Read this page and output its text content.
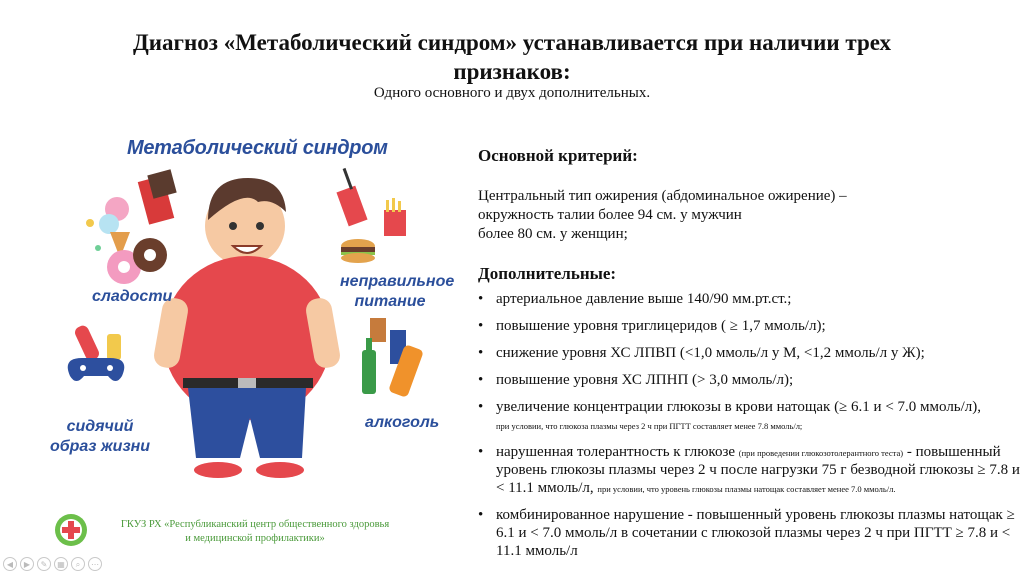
Диагноз «Метаболический синдром» устанавливается при наличии трех признаков:
Одного основного и двух дополнительных.
Метаболический синдром
сладости
неправильное
питание
сидячий
образ жизни
алкоголь
Основной критерий:
Центральный тип ожирения (абдоминальное ожирение) –
окружность талии более 94 см. у мужчин
более 80 см. у женщин;
Дополнительные:
• артериальное давление выше 140/90 мм.рт.ст.;
• повышение уровня триглицеридов ( ≥ 1,7 ммоль/л);
• снижение уровня ХС ЛПВП (<1,0 ммоль/л у М, <1,2 ммоль/л у Ж);
• повышение уровня ХС ЛПНП (> 3,0 ммоль/л);
• увеличение концентрации глюкозы в крови натощак (≥ 6.1 и < 7.0 ммоль/л),
при условии, что глюкоза плазмы через 2 ч при ПГТТ составляет менее 7.8 ммоль/л;
• нарушенная толерантность к глюкозе (при проведении глюкозотолерантного теста) - повышенный уровень глюкозы плазмы через 2 ч после нагрузки 75 г безводной глюкозы ≥ 7.8 и < 11.1 ммоль/л, при условии, что уровень глюкозы плазмы натощак составляет менее 7.0 ммоль/л.
• комбинированное нарушение - повышенный уровень глюкозы плазмы натощак ≥ 6.1 и < 7.0 ммоль/л в сочетании с глюкозой плазмы через 2 ч при ПГТТ ≥ 7.8 и < 11.1 ммоль/л
ГКУЗ РХ «Республиканский центр общественного здоровья
и медицинской профилактики»
◀	▶	✎	▦	⌕	⋯
